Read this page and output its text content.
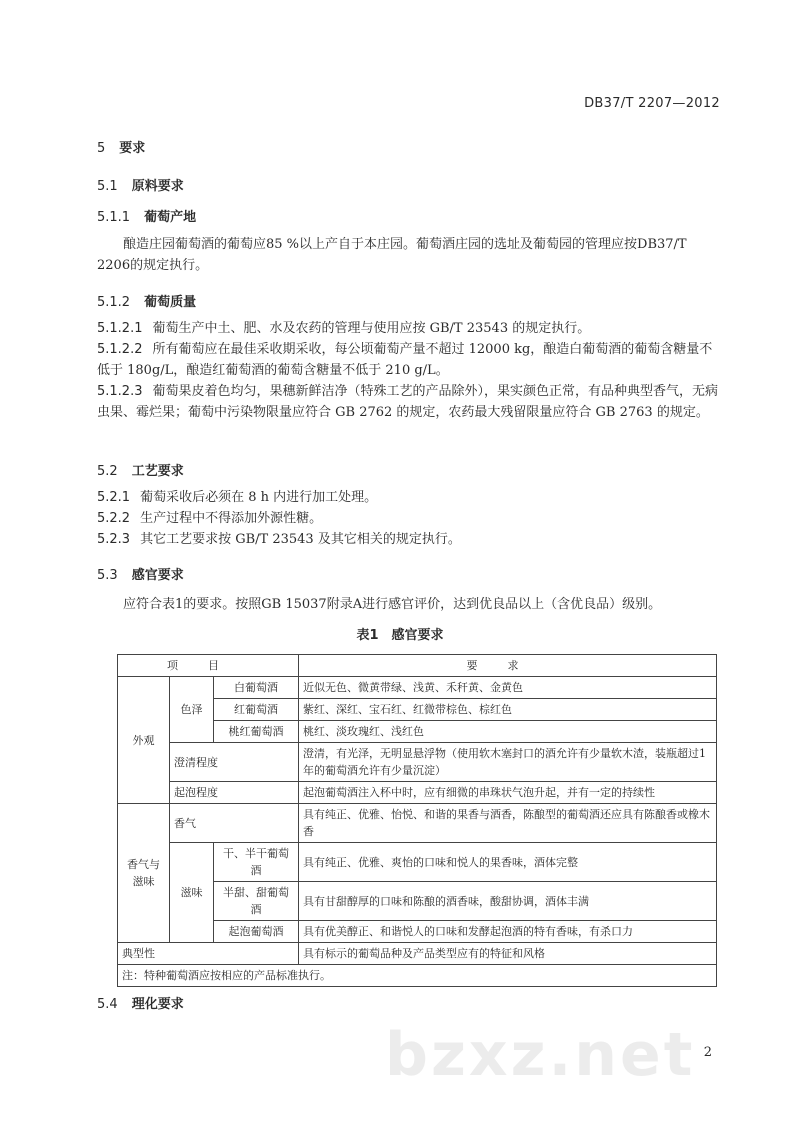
DB37/T 2207—2012
5 要求
5.1 原料要求
5.1.1 葡萄产地
酿造庄园葡萄酒的葡萄应85 %以上产自于本庄园。葡萄酒庄园的选址及葡萄园的管理应按DB37/T 2206的规定执行。
5.1.2 葡萄质量
5.1.2.1 葡萄生产中土、肥、水及农药的管理与使用应按 GB/T 23543 的规定执行。
5.1.2.2 所有葡萄应在最佳采收期采收，每公顷葡萄产量不超过 12000 kg，酿造白葡萄酒的葡萄含糖量不低于 180g/L，酿造红葡萄酒的葡萄含糖量不低于 210 g/L。
5.1.2.3 葡萄果皮着色均匀，果穗新鲜洁净（特殊工艺的产品除外），果实颜色正常，有品种典型香气，无病虫果、霉烂果；葡萄中污染物限量应符合 GB 2762 的规定，农药最大残留限量应符合 GB 2763 的规定。
5.2 工艺要求
5.2.1 葡萄采收后必须在 8 h 内进行加工处理。
5.2.2 生产过程中不得添加外源性糖。
5.2.3 其它工艺要求按 GB/T 23543 及其它相关的规定执行。
5.3 感官要求
应符合表1的要求。按照GB 15037附录A进行感官评价，达到优良品以上（含优良品）级别。
表1　感官要求
项目			要求
外观	色泽	白葡萄酒	近似无色、微黄带绿、浅黄、禾秆黄、金黄色
		红葡萄酒	紫红、深红、宝石红、红微带棕色、棕红色
		桃红葡萄酒	桃红、淡玫瑰红、浅红色
	澄清程度		澄清，有光泽，无明显悬浮物（使用软木塞封口的酒允许有少量软木渣，装瓶超过1年的葡萄酒允许有少量沉淀）
	起泡程度		起泡葡萄酒注入杯中时，应有细微的串珠状气泡升起，并有一定的持续性
香气与滋味	香气		具有纯正、优雅、怡悦、和谐的果香与酒香，陈酿型的葡萄酒还应具有陈酿香或橡木香
	滋味	干、半干葡萄酒	具有纯正、优雅、爽怡的口味和悦人的果香味，酒体完整
		半甜、甜葡萄酒	具有甘甜醇厚的口味和陈酿的酒香味，酸甜协调，酒体丰满
		起泡葡萄酒	具有优美醇正、和谐悦人的口味和发酵起泡酒的特有香味，有杀口力
典型性			具有标示的葡萄品种及产品类型应有的特征和风格
注：特种葡萄酒应按相应的产品标准执行。			
5.4 理化要求
bzxz.net 2
